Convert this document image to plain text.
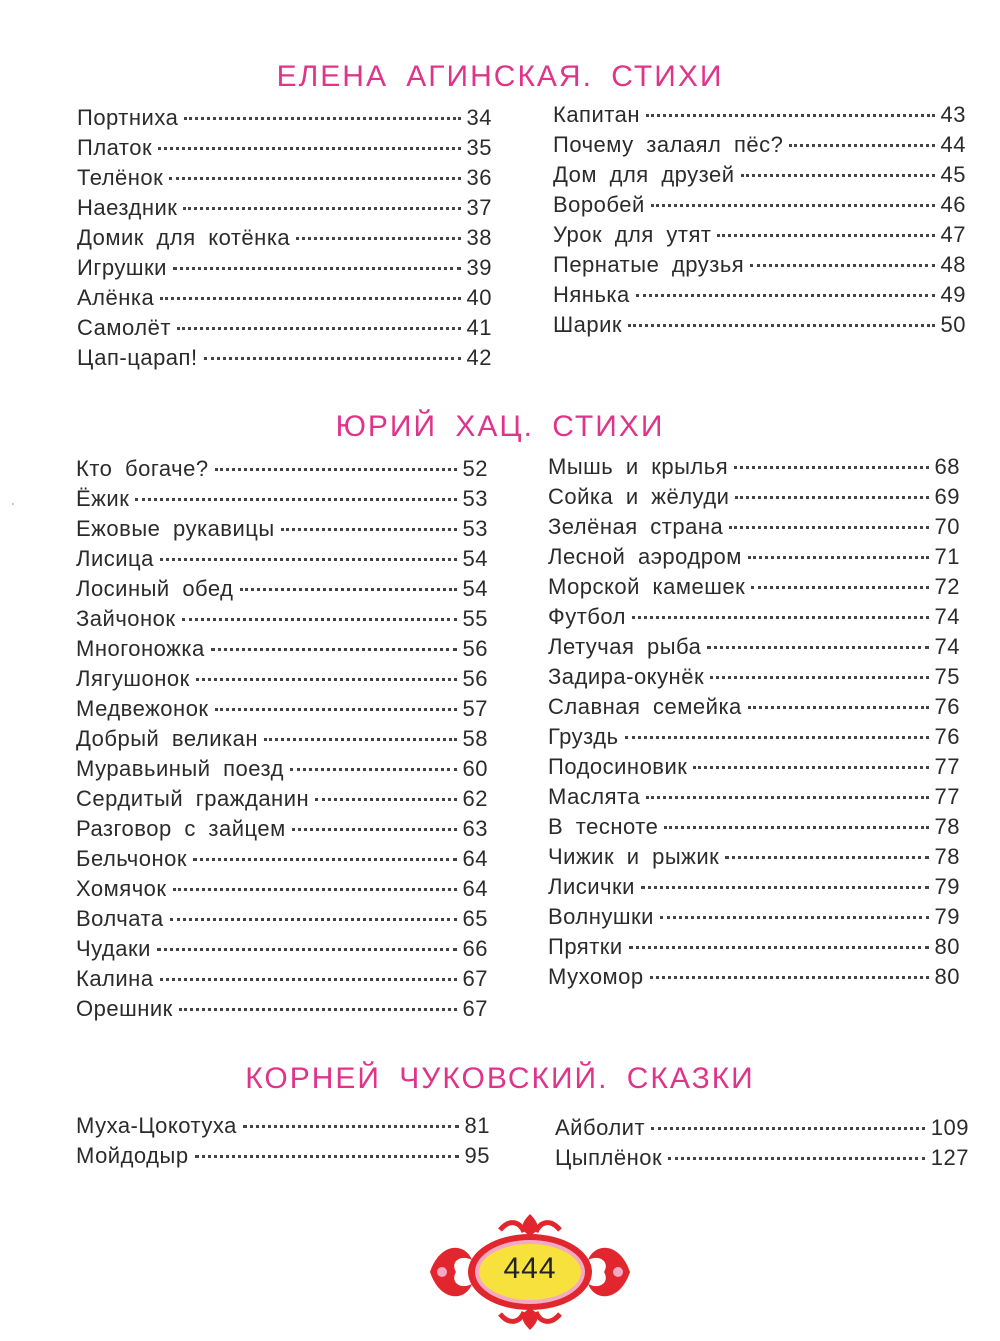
ЕЛЕНА АГИНСКАЯ. СТИХИ
Портниха	34
Платок	35
Телёнок	36
Наездник	37
Домик для котёнка	38
Игрушки	39
Алёнка	40
Самолёт	41
Цап-царап!	42
Капитан	43
Почему залаял пёс?	44
Дом для друзей	45
Воробей	46
Урок для утят	47
Пернатые друзья	48
Нянька	49
Шарик	50
ЮРИЙ ХАЦ. СТИХИ
Кто богаче?	52
Ёжик	53
Ежовые рукавицы	53
Лисица	54
Лосиный обед	54
Зайчонок	55
Многоножка	56
Лягушонок	56
Медвежонок	57
Добрый великан	58
Муравьиный поезд	60
Сердитый гражданин	62
Разговор с зайцем	63
Бельчонок	64
Хомячок	64
Волчата	65
Чудаки	66
Калина	67
Орешник	67
Мышь и крылья	68
Сойка и жёлуди	69
Зелёная страна	70
Лесной аэродром	71
Морской камешек	72
Футбол	74
Летучая рыба	74
Задира-окунёк	75
Славная семейка	76
Груздь	76
Подосиновик	77
Маслята	77
В тесноте	78
Чижик и рыжик	78
Лисички	79
Волнушки	79
Прятки	80
Мухомор	80
КОРНЕЙ ЧУКОВСКИЙ. СКАЗКИ
Муха-Цокотуха	81
Мойдодыр	95
Айболит	109
Цыплёнок	127
444
